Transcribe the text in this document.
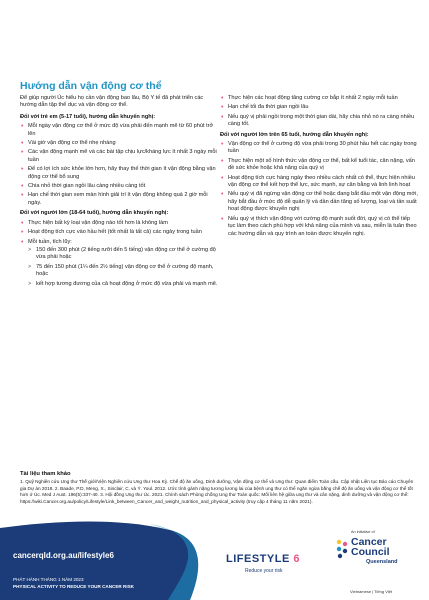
Hướng dẫn vận động cơ thể

Để giúp người Úc hiểu họ cần vận động bao lâu, Bộ Y tế đã phát triển các hướng dẫn tập thể dục và vận động cơ thể.

Đối với trẻ em (5-17 tuổi), hướng dẫn khuyến nghị:
• Mỗi ngày vận động cơ thể ở mức độ vừa phải đến mạnh mẽ từ 60 phút trở lên
• Vài giờ vận động cơ thể nhẹ nhàng
• Các vận động mạnh mẽ và các bài tập chịu lực/kháng lực ít nhất 3 ngày mỗi tuần
• Để có lợi ích sức khỏe lớn hơn, hãy thay thế thời gian ít vận động bằng vận động cơ thể bổ sung
• Chia nhỏ thời gian ngồi lâu càng nhiều càng tốt
• Hạn chế thời gian xem màn hình giải trí ít vận động không quá 2 giờ mỗi ngày.
Đối với người lớn (18-64 tuổi), hướng dẫn khuyến nghị:
• Thực hiện bất kỳ loại vận động nào tốt hơn là không làm
• Hoạt động tích cực vào hầu hết (tốt nhất là tất cả) các ngày trong tuần
• Mỗi tuần, tích lũy:
> 150 đến 300 phút (2 tiếng rưỡi đến 5 tiếng) vận động cơ thể ở cường độ vừa phải hoặc
> 75 đến 150 phút (1¼ đến 2½ tiếng) vận động cơ thể ở cường độ mạnh, hoặc
> kết hợp tương đương của cả hoạt động ở mức độ vừa phải và mạnh mẽ.
• Thực hiện các hoạt động tăng cường cơ bắp ít nhất 2 ngày mỗi tuần
• Hạn chế tối đa thời gian ngồi lâu
• Nếu quý vị phải ngồi trong một thời gian dài, hãy chia nhỏ nó ra càng nhiều càng tốt.
Đối với người lớn trên 65 tuổi, hướng dẫn khuyến nghị:
• Vận động cơ thể ở cường độ vừa phải trong 30 phút hầu hết các ngày trong tuần
• Thực hiện một số hình thức vận động cơ thể, bất kể tuổi tác, cân nặng, vấn đề sức khỏe hoặc khả năng của quý vị
• Hoạt động tích cực hàng ngày theo nhiều cách nhất có thể, thực hiện nhiều vận động cơ thể kết hợp thể lực, sức mạnh, sự cân bằng và linh linh hoạt
• Nếu quý vị đã ngừng vận động cơ thể hoặc đang bắt đầu một vận động mới, hãy bắt đầu ở mức độ dễ quản lý và dần dần tăng số lượng, loại và tần suất hoạt động được khuyến nghị
• Nếu quý vị thích vận động với cường độ mạnh suốt đời, quý vị có thể tiếp tục làm theo cách phù hợp với khả năng của mình và sau, miễn là tuân theo các hướng dẫn và quy trình an toàn được khuyến nghị.
Tài liệu tham khảo
1. Quỹ Nghiên cứu Ung thư Thế giới/Viện Nghiên cứu Ung thư Hoa Kỳ. Chế độ ăn uống, Dinh dưỡng, Vận động cơ thể và Ung thư: Quan điểm Toàn cầu. Cập nhật Liên tục Báo cáo Chuyên gia Dự án 2018. 2. Baade, P.D, Meng, X., Sinclair, C. và Ý. Youl. 2012. Ước tính gánh nặng tương lương lai của bệnh ung thư có thể ngăn ngừa bằng chế độ ăn uống và vận động cơ thể tốt hơn ở Úc. Med J Aust. 196(5):337-40. 3. Hội đồng Ung thư Úc. 2021. Chính sách Phòng chống Ung thư Toàn quốc: Mối liên hệ giữa ung thư và cân nặng, dinh dưỡng và vận động cơ thể: https://wiki.Cancer.org.au/policy/Lifestyle/Link_between_Cancer_and_weight_nutrition_and_physical_activity (truy cập 4 tháng 11 năm 2021).
cancerqld.org.au/lifestyle6
PHÁT HÀNH THÁNG 1 NĂM 2023
PHYSICAL ACTIVITY TO REDUCE YOUR CANCER RISK
LIFESTYLE 6
Reduce your risk
An initiative of
Cancer
Council
Queensland
Vietnamese | Tiếng Việt
